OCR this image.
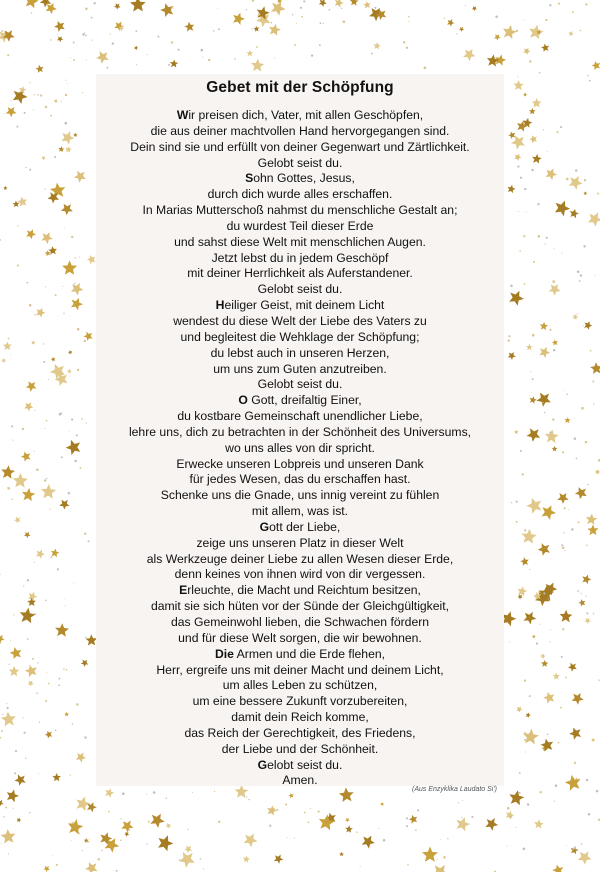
Gebet mit der Schöpfung
Wir preisen dich, Vater, mit allen Geschöpfen,
die aus deiner machtvollen Hand hervorgegangen sind.
Dein sind sie und erfüllt von deiner Gegenwart und Zärtlichkeit.
Gelobt seist du.
Sohn Gottes, Jesus,
durch dich wurde alles erschaffen.
In Marias Mutterschoß nahmst du menschliche Gestalt an;
du wurdest Teil dieser Erde
und sahst diese Welt mit menschlichen Augen.
Jetzt lebst du in jedem Geschöpf
mit deiner Herrlichkeit als Auferstandener.
Gelobt seist du.
Heiliger Geist, mit deinem Licht
wendest du diese Welt der Liebe des Vaters zu
und begleitest die Wehklage der Schöpfung;
du lebst auch in unseren Herzen,
um uns zum Guten anzutreiben.
Gelobt seist du.
O Gott, dreifaltig Einer,
du kostbare Gemeinschaft unendlicher Liebe,
lehre uns, dich zu betrachten in der Schönheit des Universums,
wo uns alles von dir spricht.
Erwecke unseren Lobpreis und unseren Dank
für jedes Wesen, das du erschaffen hast.
Schenke uns die Gnade, uns innig vereint zu fühlen
mit allem, was ist.
Gott der Liebe,
zeige uns unseren Platz in dieser Welt
als Werkzeuge deiner Liebe zu allen Wesen dieser Erde,
denn keines von ihnen wird von dir vergessen.
Erleuchte, die Macht und Reichtum besitzen,
damit sie sich hüten vor der Sünde der Gleichgültigkeit,
das Gemeinwohl lieben, die Schwachen fördern
und für diese Welt sorgen, die wir bewohnen.
Die Armen und die Erde flehen,
Herr, ergreife uns mit deiner Macht und deinem Licht,
um alles Leben zu schützen,
um eine bessere Zukunft vorzubereiten,
damit dein Reich komme,
das Reich der Gerechtigkeit, des Friedens,
der Liebe und der Schönheit.
Gelobt seist du.
Amen.
(Aus Enzyklika Laudato Si')
